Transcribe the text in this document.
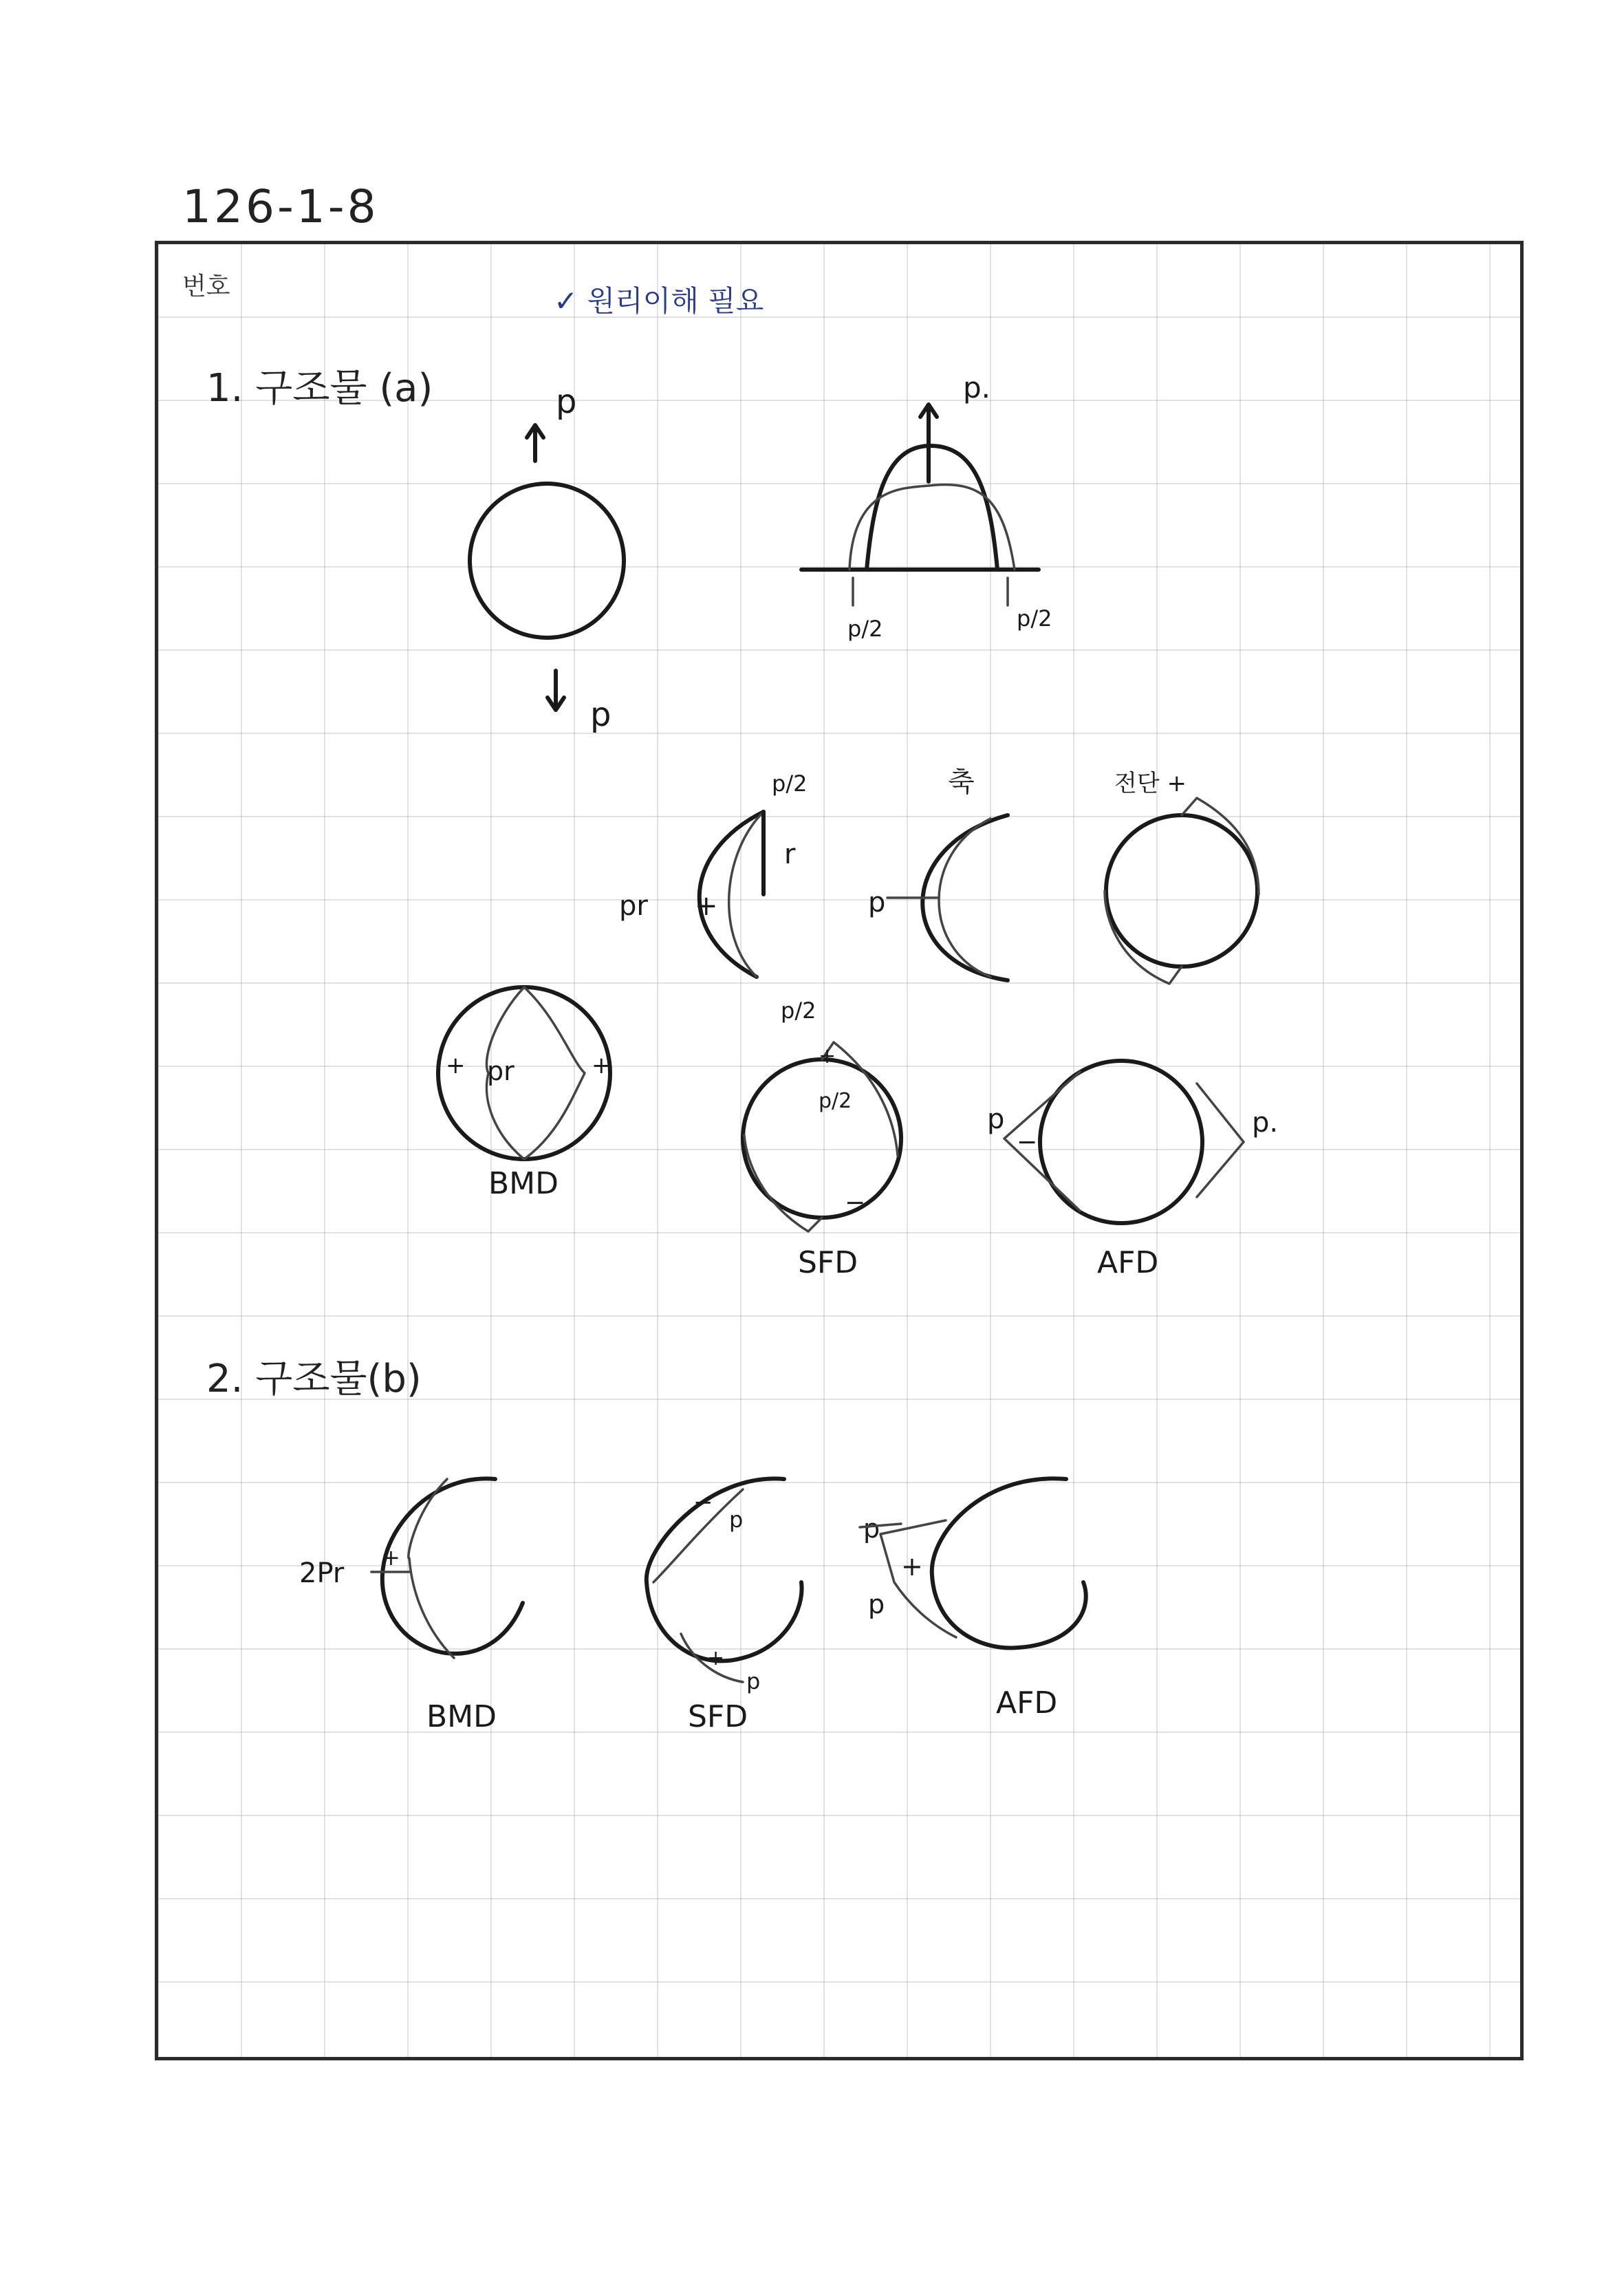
126-1-8
번호	✓ 원리이해 필요
1. 구조물 (a)
2. 구조물(b)
p
p
p.
p/2	p/2
r
p/2
p/2
pr +
축
p
전단 +
pr
+	+
BMD
p/2
+
−
SFD
p	p.
−
AFD
2Pr +
BMD
p
−
+
p
SFD
p
+
p
AFD
